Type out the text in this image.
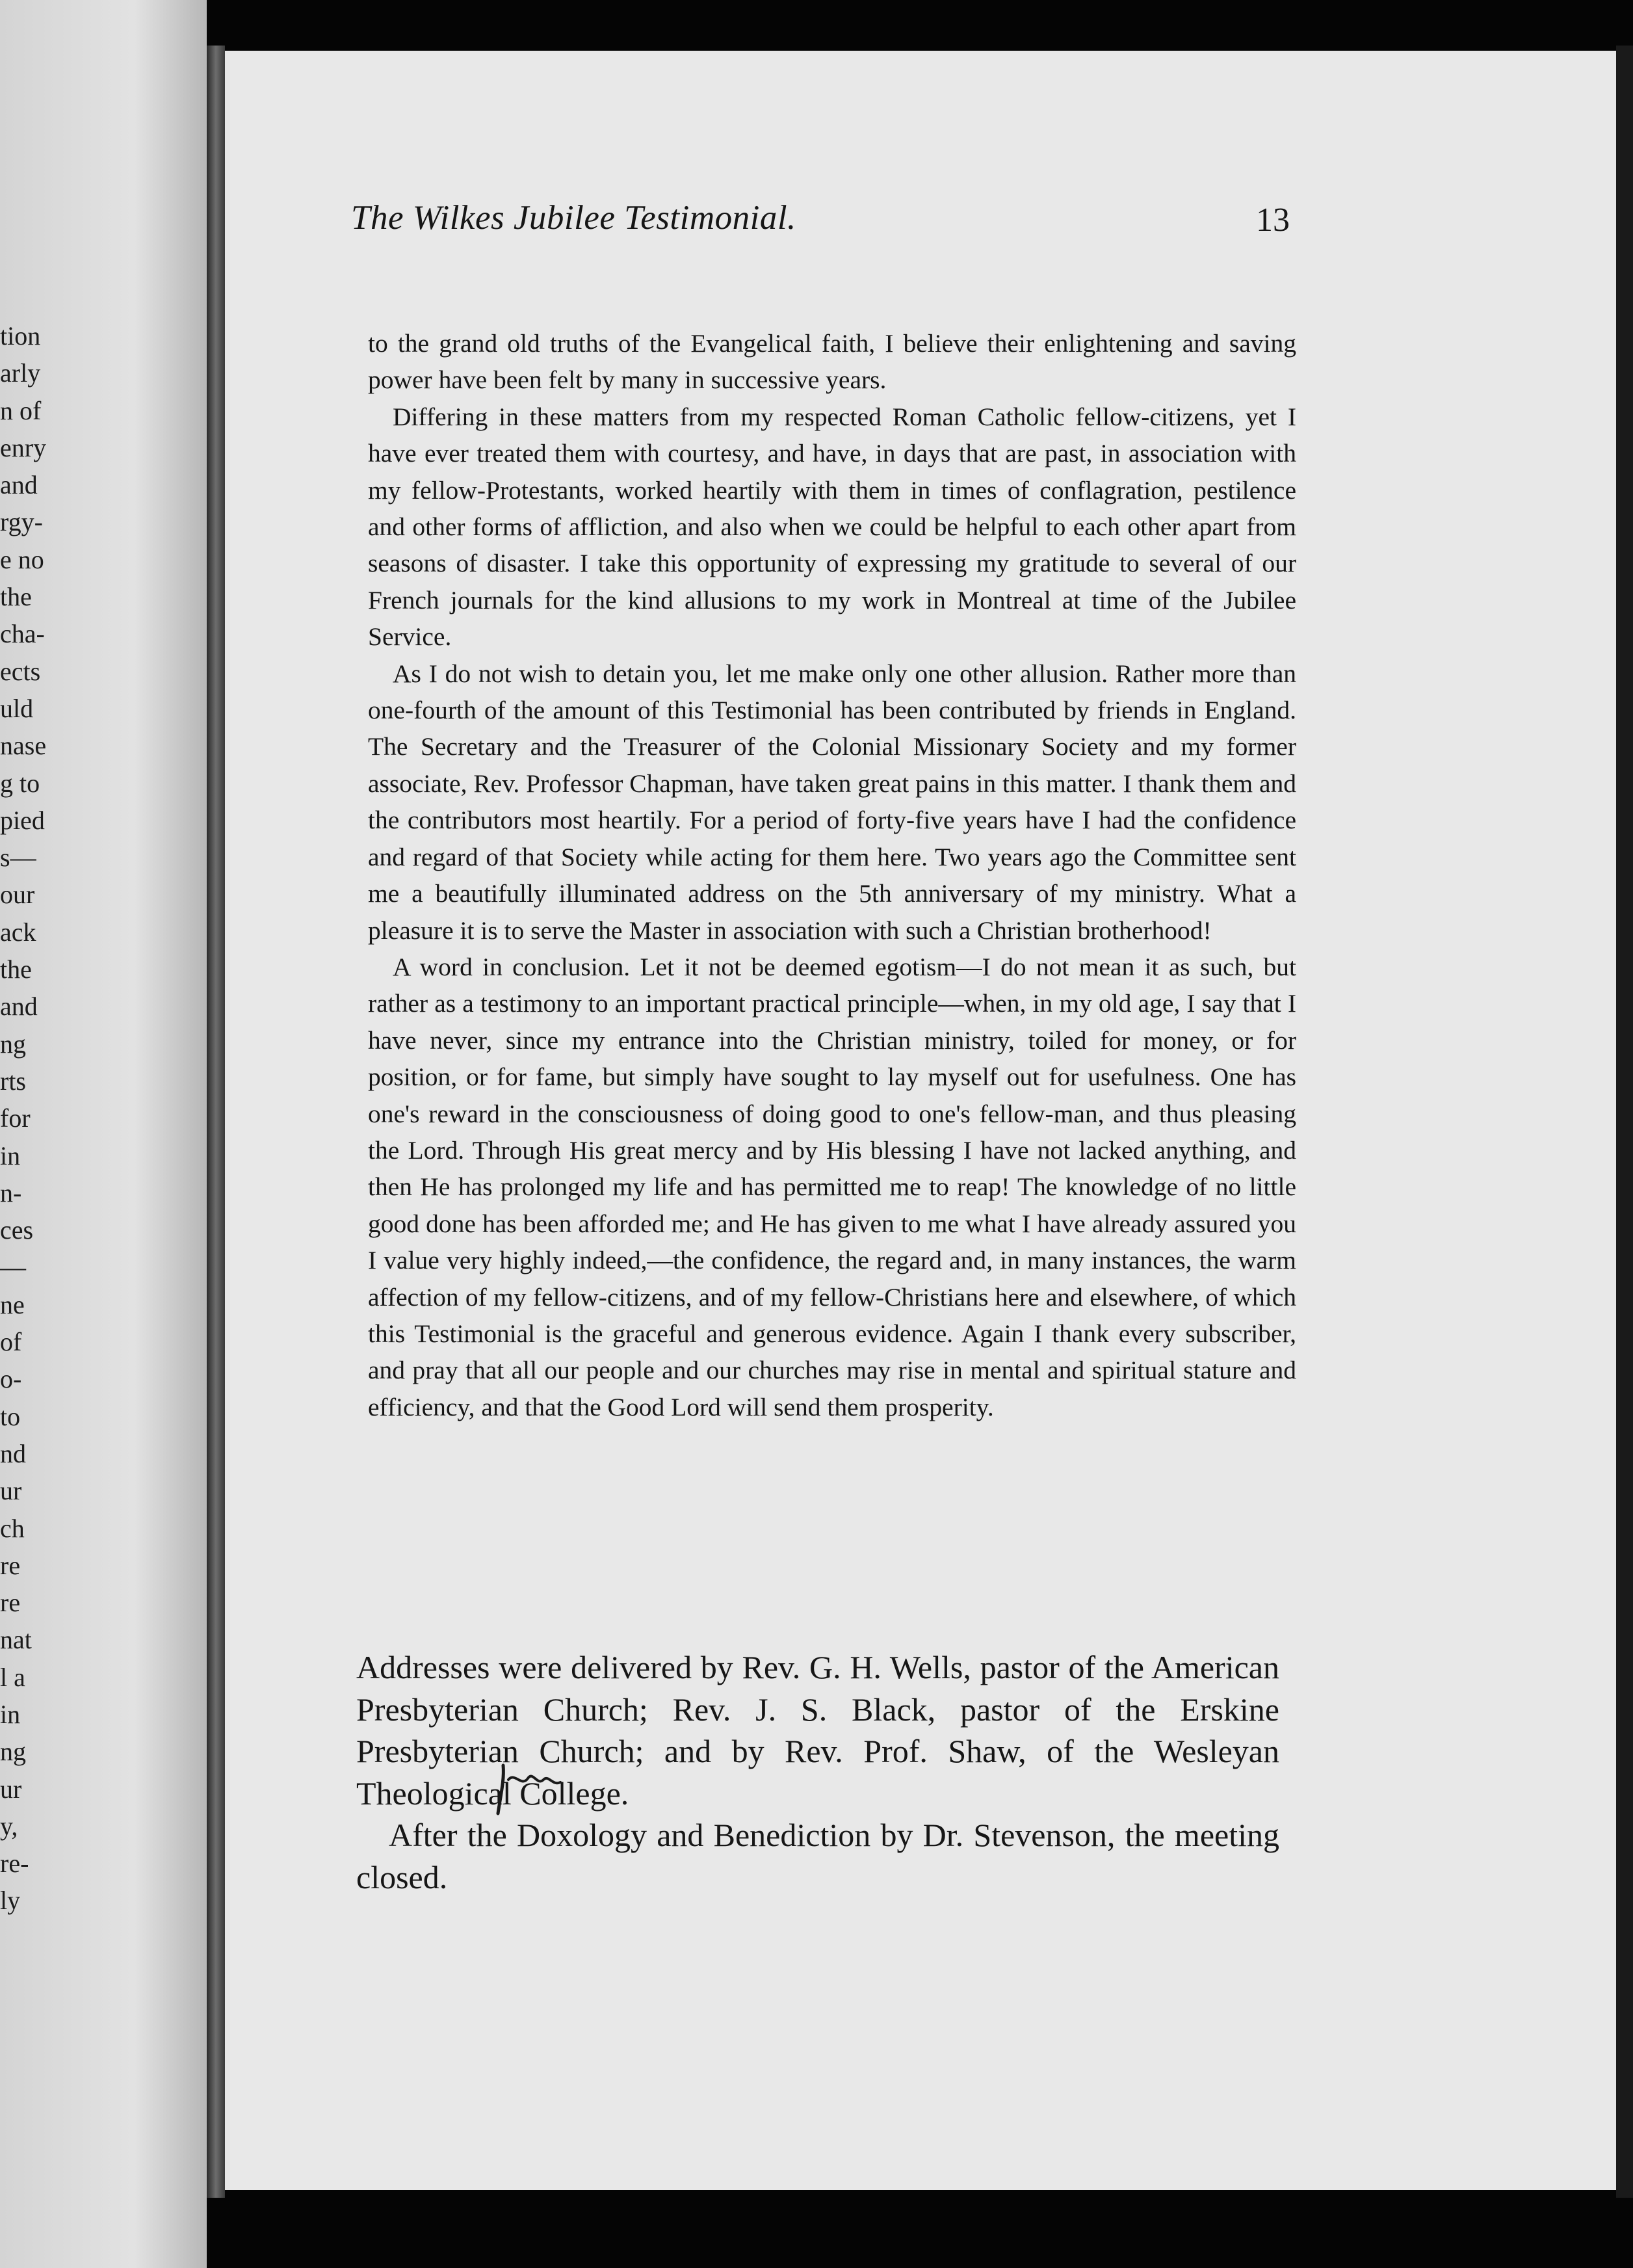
tion
arly
n of
enry
and
rgy-
e no
the
cha-
ects
uld
nase
g to
pied
s—
our
ack
the
and
ng
rts
for
in
n-
ces
—
ne
of
o-
to
nd
ur
ch
re
re
nat
l a
in
ng
ur
y,
re-
ly
The Wilkes Jubilee Testimonial.	13

to the grand old truths of the Evangelical faith, I believe their enlightening and saving power have been felt by many in successive years.

Differing in these matters from my respected Roman Catholic fellow-citizens, yet I have ever treated them with courtesy, and have, in days that are past, in association with my fellow-Protestants, worked heartily with them in times of conflagration, pestilence and other forms of affliction, and also when we could be helpful to each other apart from seasons of disaster. I take this opportunity of expressing my gratitude to several of our French journals for the kind allusions to my work in Montreal at time of the Jubilee Service.

As I do not wish to detain you, let me make only one other allusion. Rather more than one-fourth of the amount of this Testimonial has been contributed by friends in England. The Secretary and the Treasurer of the Colonial Missionary Society and my former associate, Rev. Professor Chapman, have taken great pains in this matter. I thank them and the contributors most heartily. For a period of forty-five years have I had the confidence and regard of that Society while acting for them here. Two years ago the Committee sent me a beautifully illuminated address on the 5th anniversary of my ministry. What a pleasure it is to serve the Master in association with such a Christian brotherhood!

A word in conclusion. Let it not be deemed egotism—I do not mean it as such, but rather as a testimony to an important practical principle—when, in my old age, I say that I have never, since my entrance into the Christian ministry, toiled for money, or for position, or for fame, but simply have sought to lay myself out for usefulness. One has one's reward in the consciousness of doing good to one's fellow-man, and thus pleasing the Lord. Through His great mercy and by His blessing I have not lacked anything, and then He has prolonged my life and has permitted me to reap! The knowledge of no little good done has been afforded me; and He has given to me what I have already assured you I value very highly indeed,—the confidence, the regard and, in many instances, the warm affection of my fellow-citizens, and of my fellow-Christians here and elsewhere, of which this Testimonial is the graceful and generous evidence. Again I thank every subscriber, and pray that all our people and our churches may rise in mental and spiritual stature and efficiency, and that the Good Lord will send them prosperity.

Addresses were delivered by Rev. G. H. Wells, pastor of the American Presbyterian Church; Rev. J. S. Black, pastor of the Erskine Presbyterian Church; and by Rev. Prof. Shaw, of the Wesleyan Theological College.

After the Doxology and Benediction by Dr. Stevenson, the meeting closed.
